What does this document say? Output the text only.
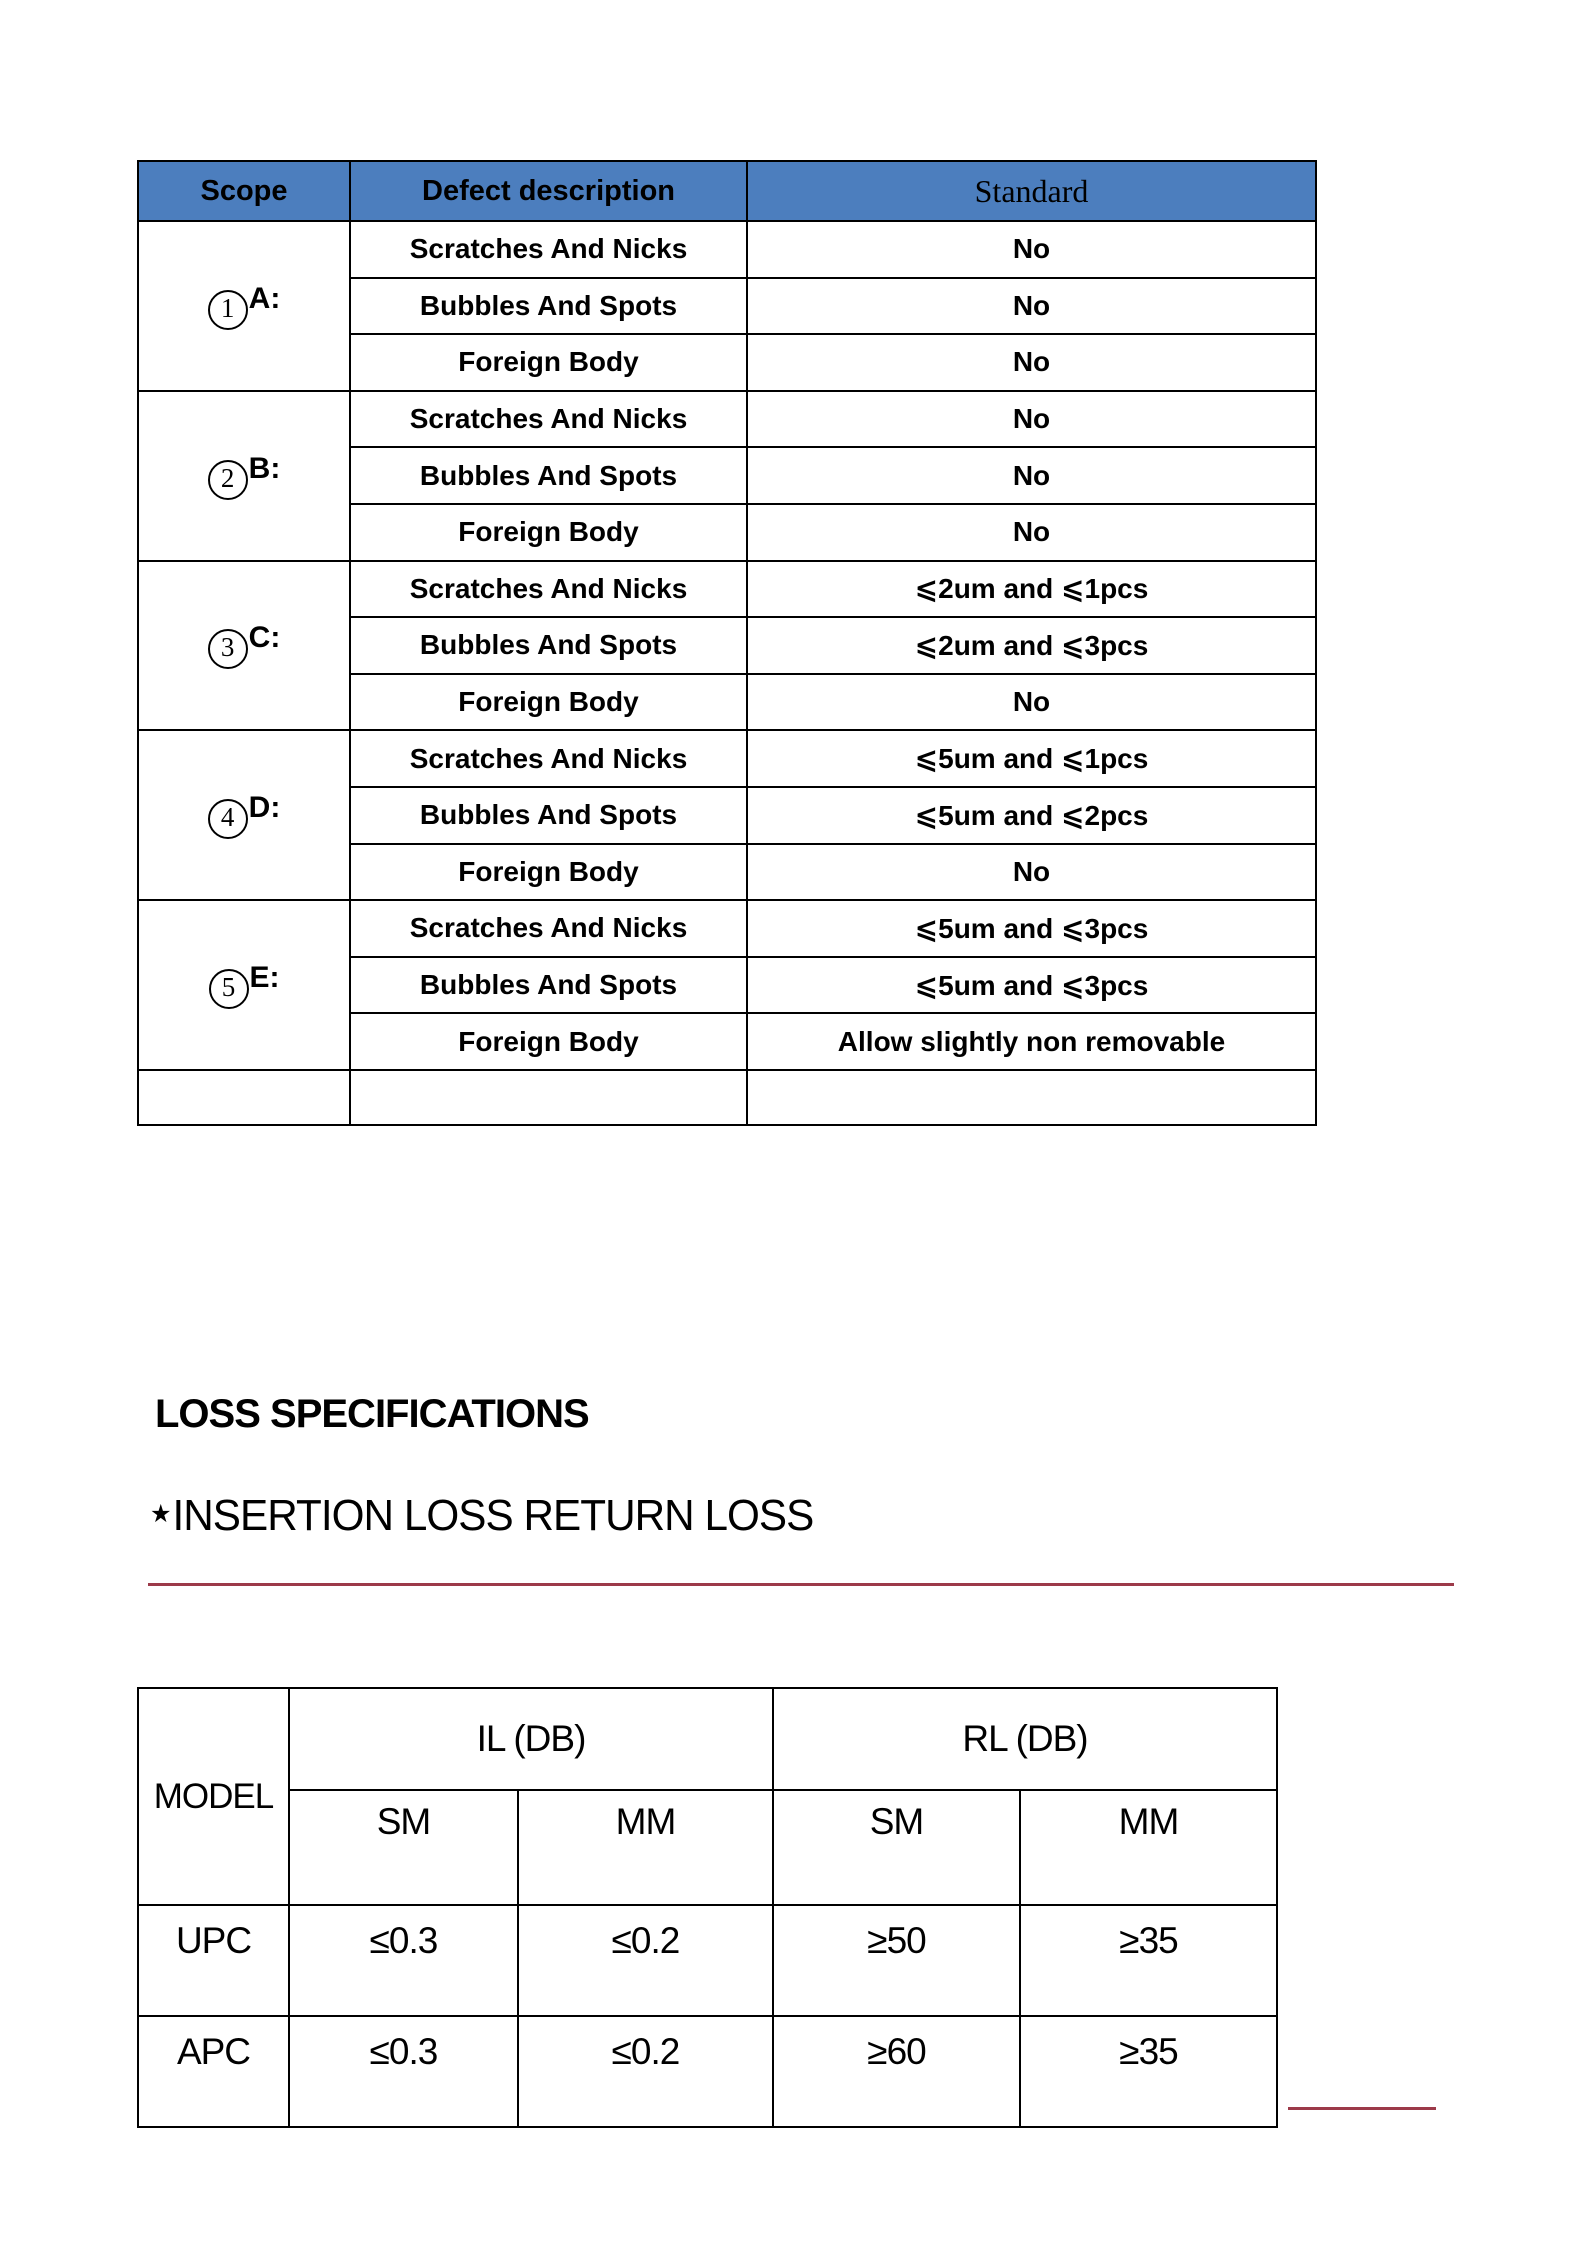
Scope	Defect description	Standard
1 A:	Scratches And Nicks	No
	Bubbles And Spots	No
	Foreign Body	No
2 B:	Scratches And Nicks	No
	Bubbles And Spots	No
	Foreign Body	No
3 C:	Scratches And Nicks	⩽2um and ⩽1pcs
	Bubbles And Spots	⩽2um and ⩽3pcs
	Foreign Body	No
4 D:	Scratches And Nicks	⩽5um and ⩽1pcs
	Bubbles And Spots	⩽5um and ⩽2pcs
	Foreign Body	No
5 E:	Scratches And Nicks	⩽5um and ⩽3pcs
	Bubbles And Spots	⩽5um and ⩽3pcs
	Foreign Body	Allow slightly non removable

LOSS SPECIFICATIONS
★INSERTION LOSS RETURN LOSS
MODEL	IL (DB)		RL (DB)	
	SM	MM	SM	MM
UPC	≤0.3	≤0.2	≥50	≥35
APC	≤0.3	≤0.2	≥60	≥35
